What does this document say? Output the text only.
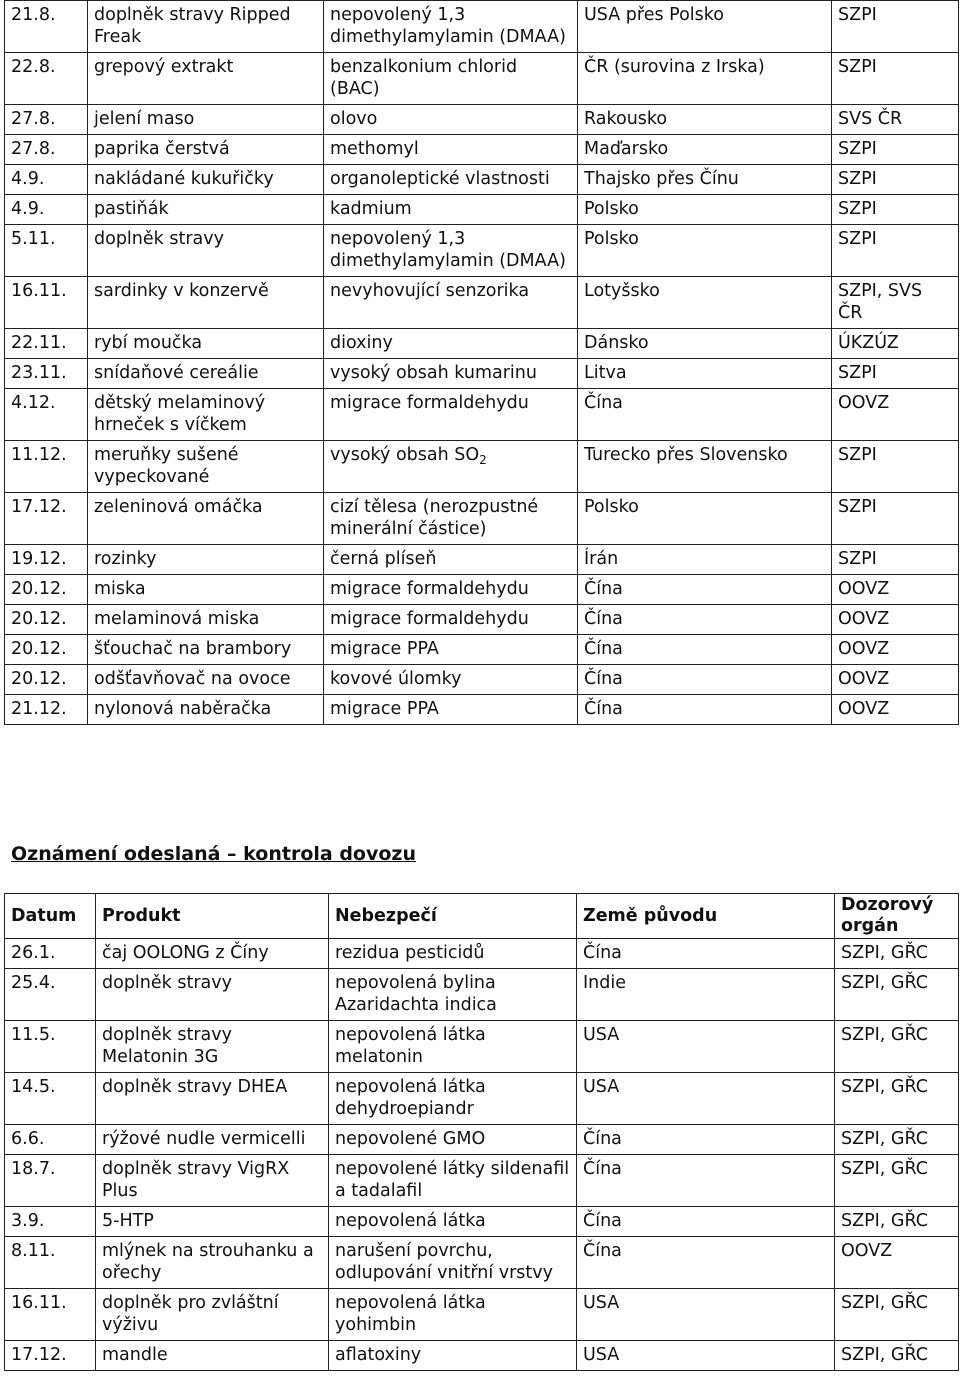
21.8.	doplněk stravy Ripped Freak	nepovolený 1,3 dimethylamylamin (DMAA)	USA přes Polsko	SZPI
22.8.	grepový extrakt	benzalkonium chlorid (BAC)	ČR (surovina z Irska)	SZPI
27.8.	jelení maso	olovo	Rakousko	SVS ČR
27.8.	paprika čerstvá	methomyl	Maďarsko	SZPI
4.9.	nakládané kukuřičky	organoleptické vlastnosti	Thajsko přes Čínu	SZPI
4.9.	pastiňák	kadmium	Polsko	SZPI
5.11.	doplněk stravy	nepovolený 1,3 dimethylamylamin (DMAA)	Polsko	SZPI
16.11.	sardinky v konzervě	nevyhovující senzorika	Lotyšsko	SZPI, SVS ČR
22.11.	rybí moučka	dioxiny	Dánsko	ÚKZÚZ
23.11.	snídaňové cereálie	vysoký obsah kumarinu	Litva	SZPI
4.12.	dětský melaminový hrneček s víčkem	migrace formaldehydu	Čína	OOVZ
11.12.	meruňky sušené vypeckované	vysoký obsah $SO_2$	Turecko přes Slovensko	SZPI
17.12.	zeleninová omáčka	cizí tělesa (nerozpustné minerální částice)	Polsko	SZPI
19.12.	rozinky	černá plíseň	Írán	SZPI
20.12.	miska	migrace formaldehydu	Čína	OOVZ
20.12.	melaminová miska	migrace formaldehydu	Čína	OOVZ
20.12.	šťouchač na brambory	migrace PPA	Čína	OOVZ
20.12.	odšťavňovač na ovoce	kovové úlomky	Čína	OOVZ
21.12.	nylonová naběračka	migrace PPA	Čína	OOVZ
Oznámení odeslaná – kontrola dovozu
Datum	Produkt	Nebezpečí	Země původu	Dozorový orgán
26.1.	čaj OOLONG z Číny	rezidua pesticidů	Čína	SZPI, GŘC
25.4.	doplněk stravy	nepovolená bylina Azaridachta indica	Indie	SZPI, GŘC
11.5.	doplněk stravy Melatonin 3G	nepovolená látka melatonin	USA	SZPI, GŘC
14.5.	doplněk stravy DHEA	nepovolená látka dehydroepiandr	USA	SZPI, GŘC
6.6.	rýžové nudle vermicelli	nepovolené GMO	Čína	SZPI, GŘC
18.7.	doplněk stravy VigRX Plus	nepovolené látky sildenafil a tadalafil	Čína	SZPI, GŘC
3.9.	5-HTP	nepovolená látka	Čína	SZPI, GŘC
8.11.	mlýnek na strouhanku a ořechy	narušení povrchu, odlupování vnitřní vrstvy	Čína	OOVZ
16.11.	doplněk pro zvláštní výživu	nepovolená látka yohimbin	USA	SZPI, GŘC
17.12.	mandle	aflatoxiny	USA	SZPI, GŘC
